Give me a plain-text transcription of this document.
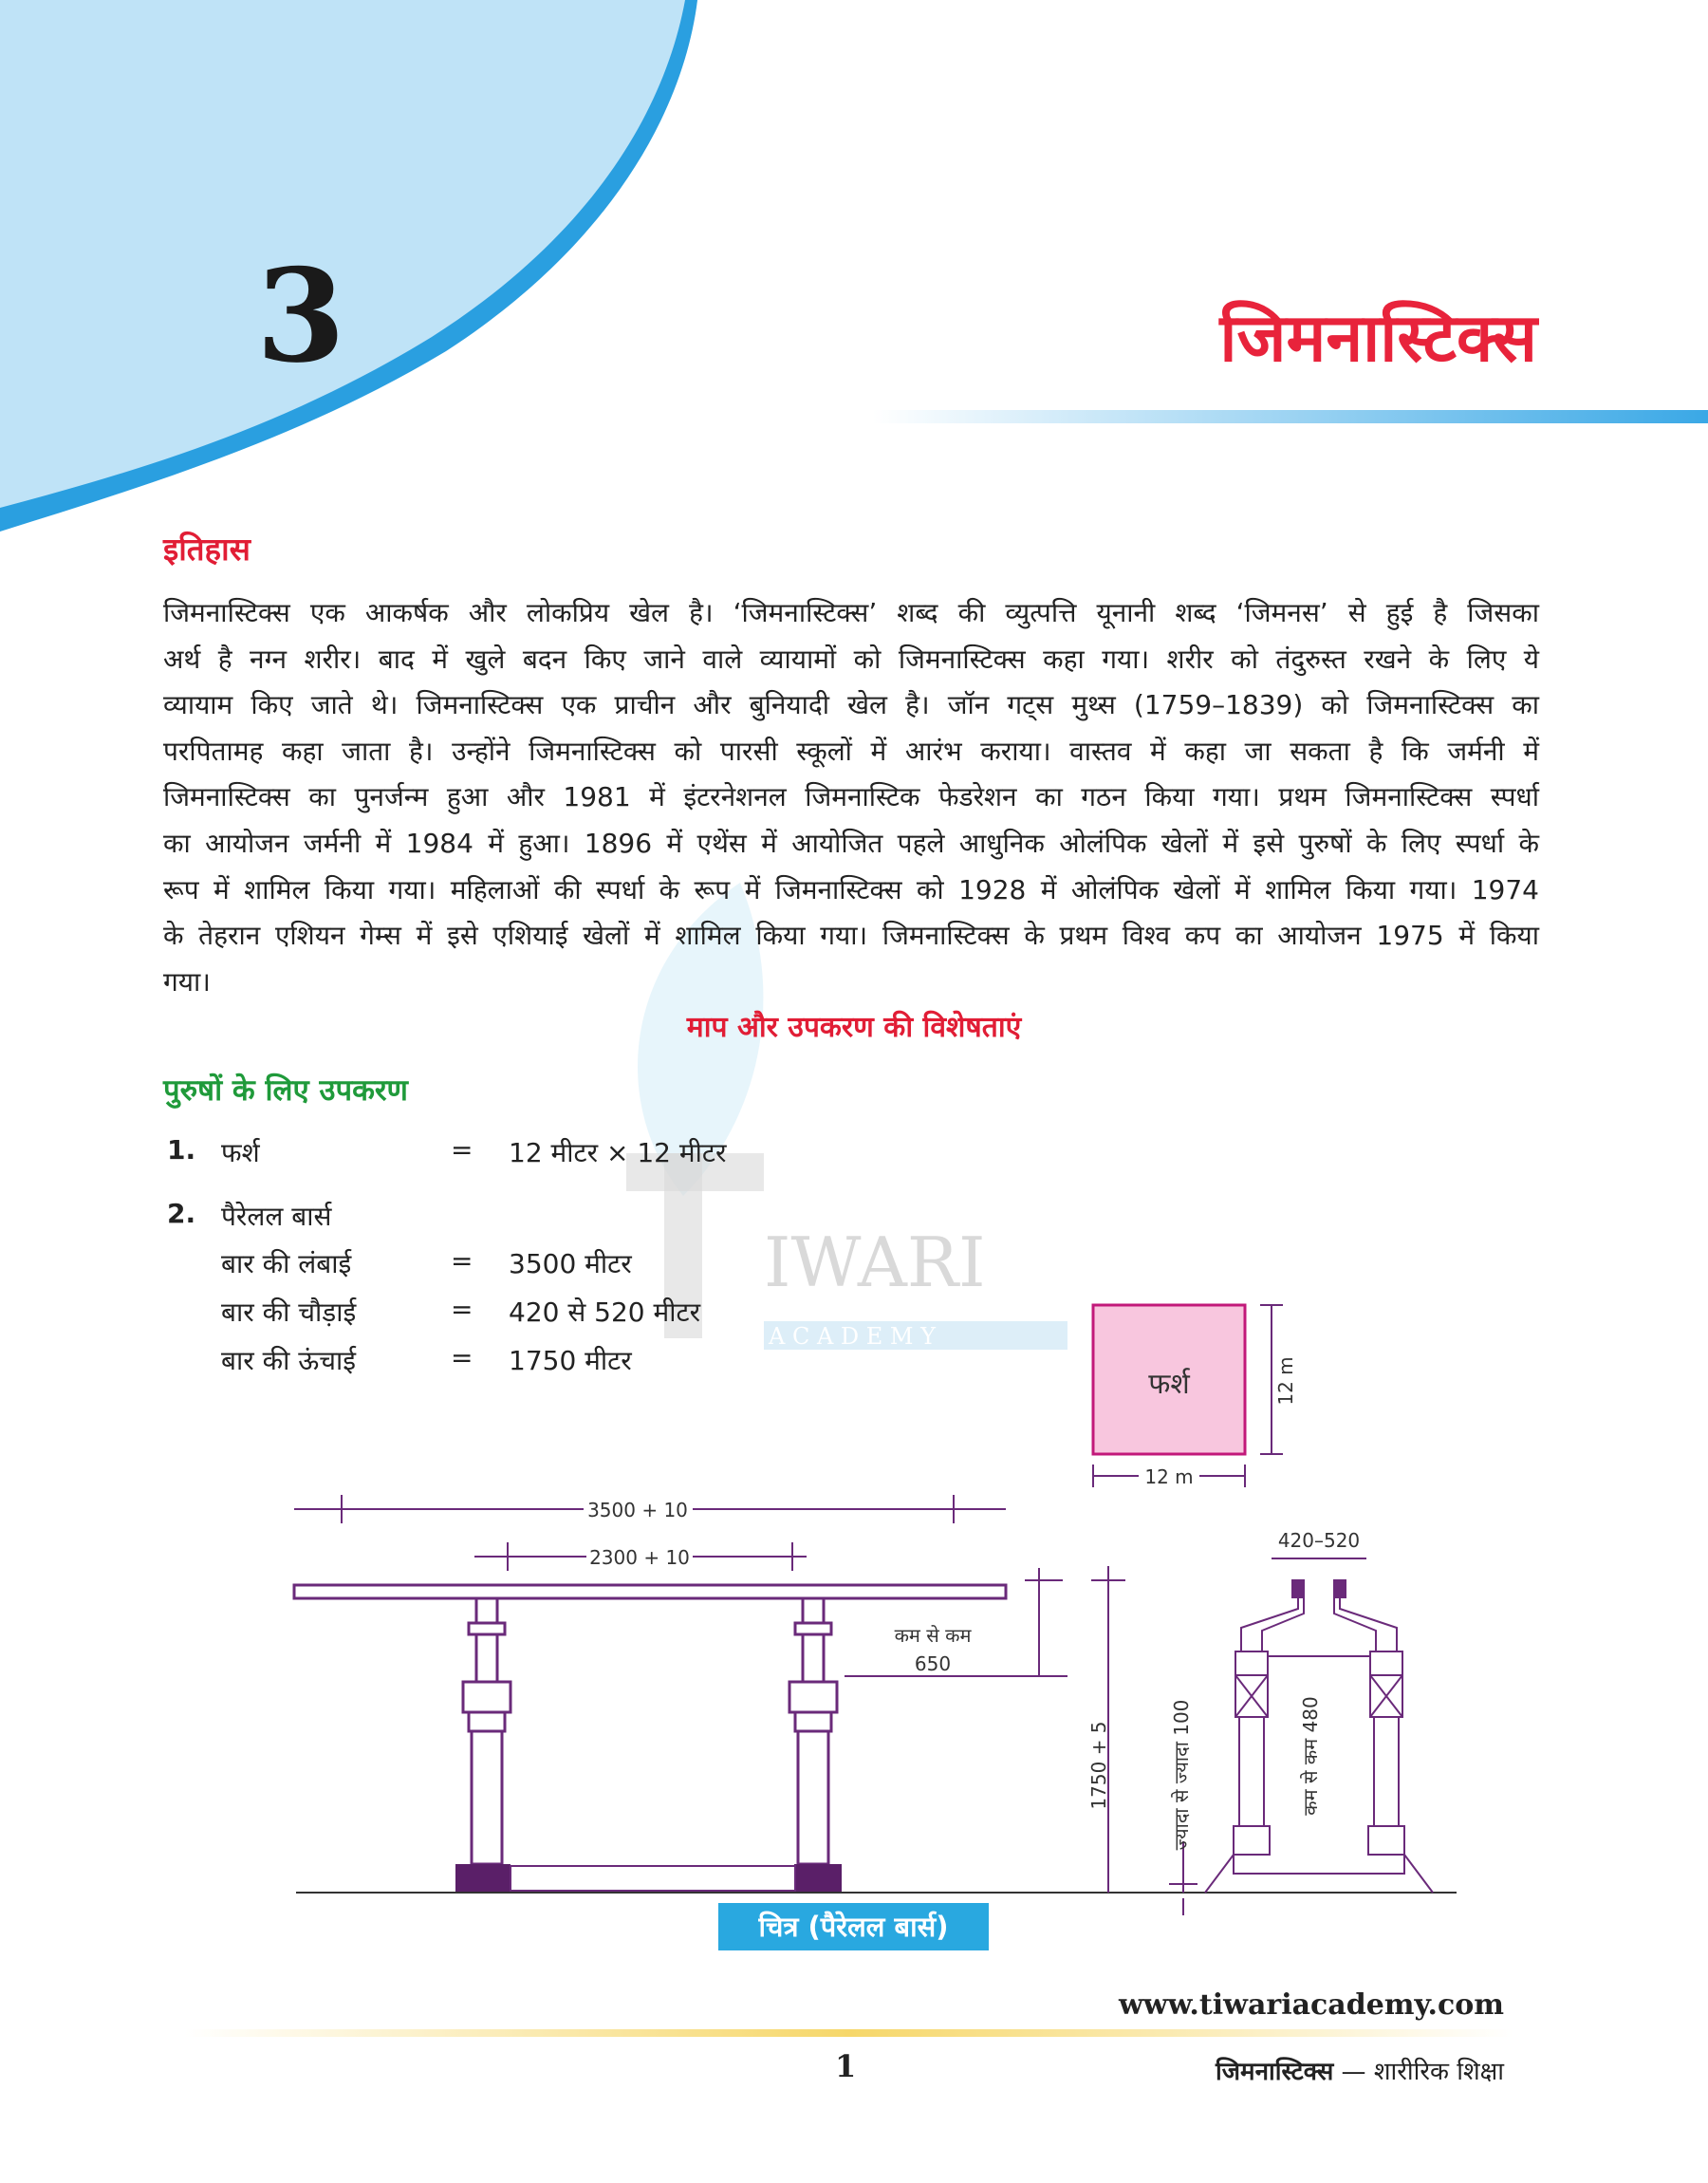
3	जिमनास्टिक्स
इतिहास
जिमनास्टिक्स एक आकर्षक और लोकप्रिय खेल है। ‘जिमनास्टिक्स’ शब्द की व्युत्पत्ति यूनानी शब्द ‘जिमनस’ से हुई है जिसका
अर्थ है नग्न शरीर। बाद में खुले बदन किए जाने वाले व्यायामों को जिमनास्टिक्स कहा गया। शरीर को तंदुरुस्त रखने के लिए ये
व्यायाम किए जाते थे। जिमनास्टिक्स एक प्राचीन और बुनियादी खेल है। जॉन गट्स मुथ्स (1759–1839) को जिमनास्टिक्स का
परपितामह कहा जाता है। उन्होंने जिमनास्टिक्स को पारसी स्कूलों में आरंभ कराया। वास्तव में कहा जा सकता है कि जर्मनी में
जिमनास्टिक्स का पुनर्जन्म हुआ और 1981 में इंटरनेशनल जिमनास्टिक फेडरेशन का गठन किया गया। प्रथम जिमनास्टिक्स स्पर्धा
का आयोजन जर्मनी में 1984 में हुआ। 1896 में एथेंस में आयोजित पहले आधुनिक ओलंपिक खेलों में इसे पुरुषों के लिए स्पर्धा के
रूप में शामिल किया गया। महिलाओं की स्पर्धा के रूप में जिमनास्टिक्स को 1928 में ओलंपिक खेलों में शामिल किया गया। 1974
के तेहरान एशियन गेम्स में इसे एशियाई खेलों में शामिल किया गया। जिमनास्टिक्स के प्रथम विश्व कप का आयोजन 1975 में किया
गया।
माप और उपकरण की विशेषताएं
पुरुषों के लिए उपकरण
1. फर्श	= 12 मीटर × 12 मीटर
2. पैरेलल बार्स
बार की लंबाई	= 3500 मीटर
बार की चौड़ाई	= 420 से 520 मीटर
बार की ऊंचाई	= 1750 मीटर
IWARI
A C A D E M Y
फर्श	12 m
12 m
3500 + 10
2300 + 10
कम से कम
650
1750 + 5
420–520
ज्यादा से ज्यादा 100	कम से कम 480
चित्र (पैरेलल बार्स)
www.tiwariacademy.com
1	जिमनास्टिक्स — शारीरिक शिक्षा
